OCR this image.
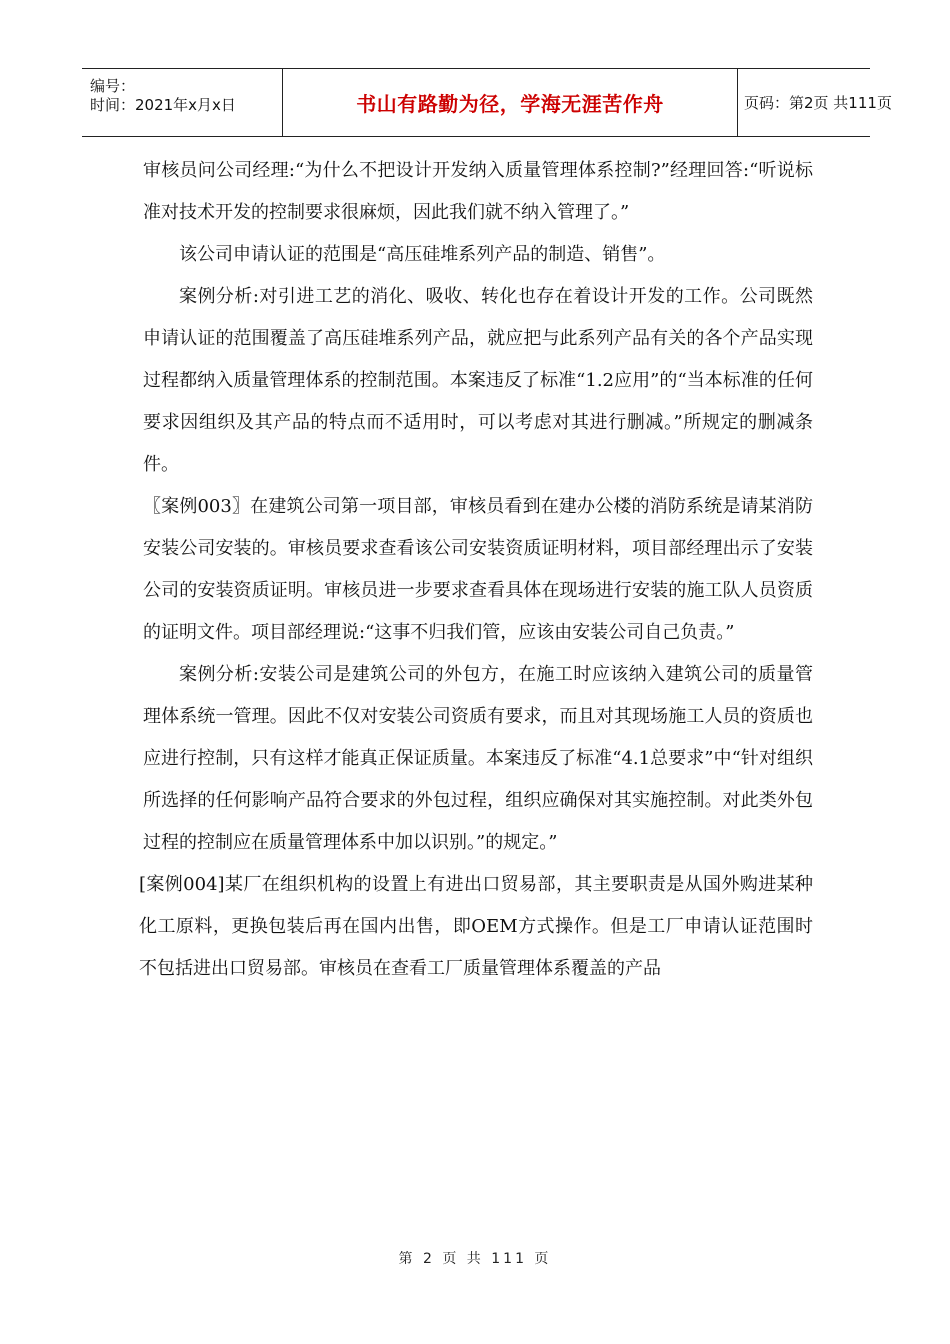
编号：
时间：2021年x月x日	书山有路勤为径，学海无涯苦作舟	页码：第2页 共111页

审核员问公司经理:“为什么不把设计开发纳入质量管理体系控制?”经理回答:“听说标准对技术开发的控制要求很麻烦，因此我们就不纳入管理了。”

该公司申请认证的范围是“高压硅堆系列产品的制造、销售”。

案例分析:对引进工艺的消化、吸收、转化也存在着设计开发的工作。公司既然申请认证的范围覆盖了高压硅堆系列产品，就应把与此系列产品有关的各个产品实现过程都纳入质量管理体系的控制范围。本案违反了标准“1.2应用”的“当本标准的任何要求因组织及其产品的特点而不适用时，可以考虑对其进行删减。”所规定的删减条件。

〖案例003〗在建筑公司第一项目部，审核员看到在建办公楼的消防系统是请某消防安装公司安装的。审核员要求查看该公司安装资质证明材料，项目部经理出示了安装公司的安装资质证明。审核员进一步要求查看具体在现场进行安装的施工队人员资质的证明文件。项目部经理说:“这事不归我们管，应该由安装公司自己负责。”

案例分析:安装公司是建筑公司的外包方，在施工时应该纳入建筑公司的质量管理体系统一管理。因此不仅对安装公司资质有要求，而且对其现场施工人员的资质也应进行控制，只有这样才能真正保证质量。本案违反了标准“4.1总要求”中“针对组织所选择的任何影响产品符合要求的外包过程，组织应确保对其实施控制。对此类外包过程的控制应在质量管理体系中加以识别。”的规定。”

[案例004]某厂在组织机构的设置上有进出口贸易部，其主要职责是从国外购进某种化工原料，更换包装后再在国内出售，即OEM方式操作。但是工厂申请认证范围时不包括进出口贸易部。审核员在查看工厂质量管理体系覆盖的产品

第 2 页 共 111 页
